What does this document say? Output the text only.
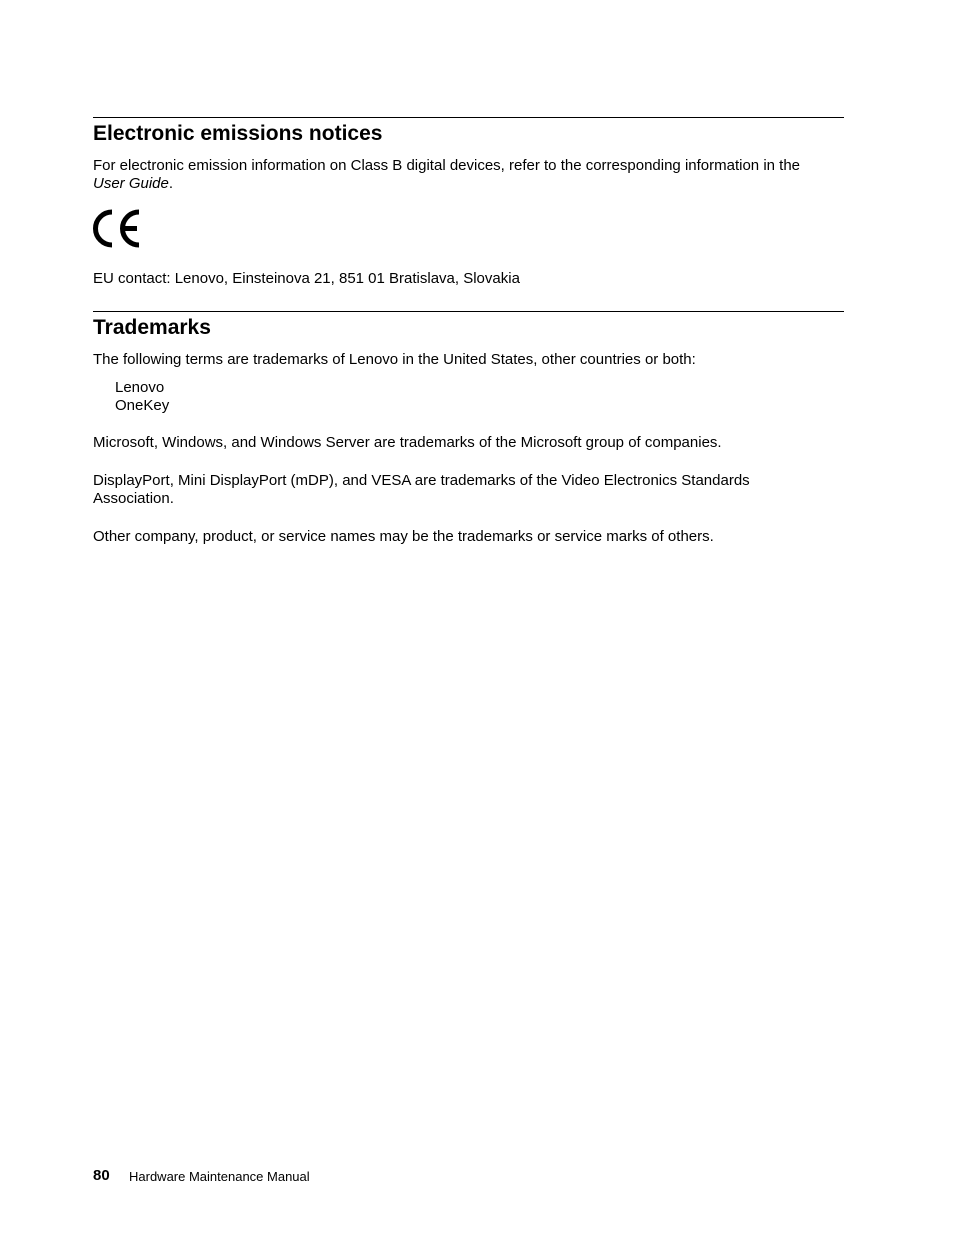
Electronic emissions notices

For electronic emission information on Class B digital devices, refer to the corresponding information in the User Guide.

EU contact: Lenovo, Einsteinova 21, 851 01 Bratislava, Slovakia

Trademarks

The following terms are trademarks of Lenovo in the United States, other countries or both:

Lenovo

OneKey

Microsoft, Windows, and Windows Server are trademarks of the Microsoft group of companies.

DisplayPort, Mini DisplayPort (mDP), and VESA are trademarks of the Video Electronics Standards Association.

Other company, product, or service names may be the trademarks or service marks of others.

80 Hardware Maintenance Manual
